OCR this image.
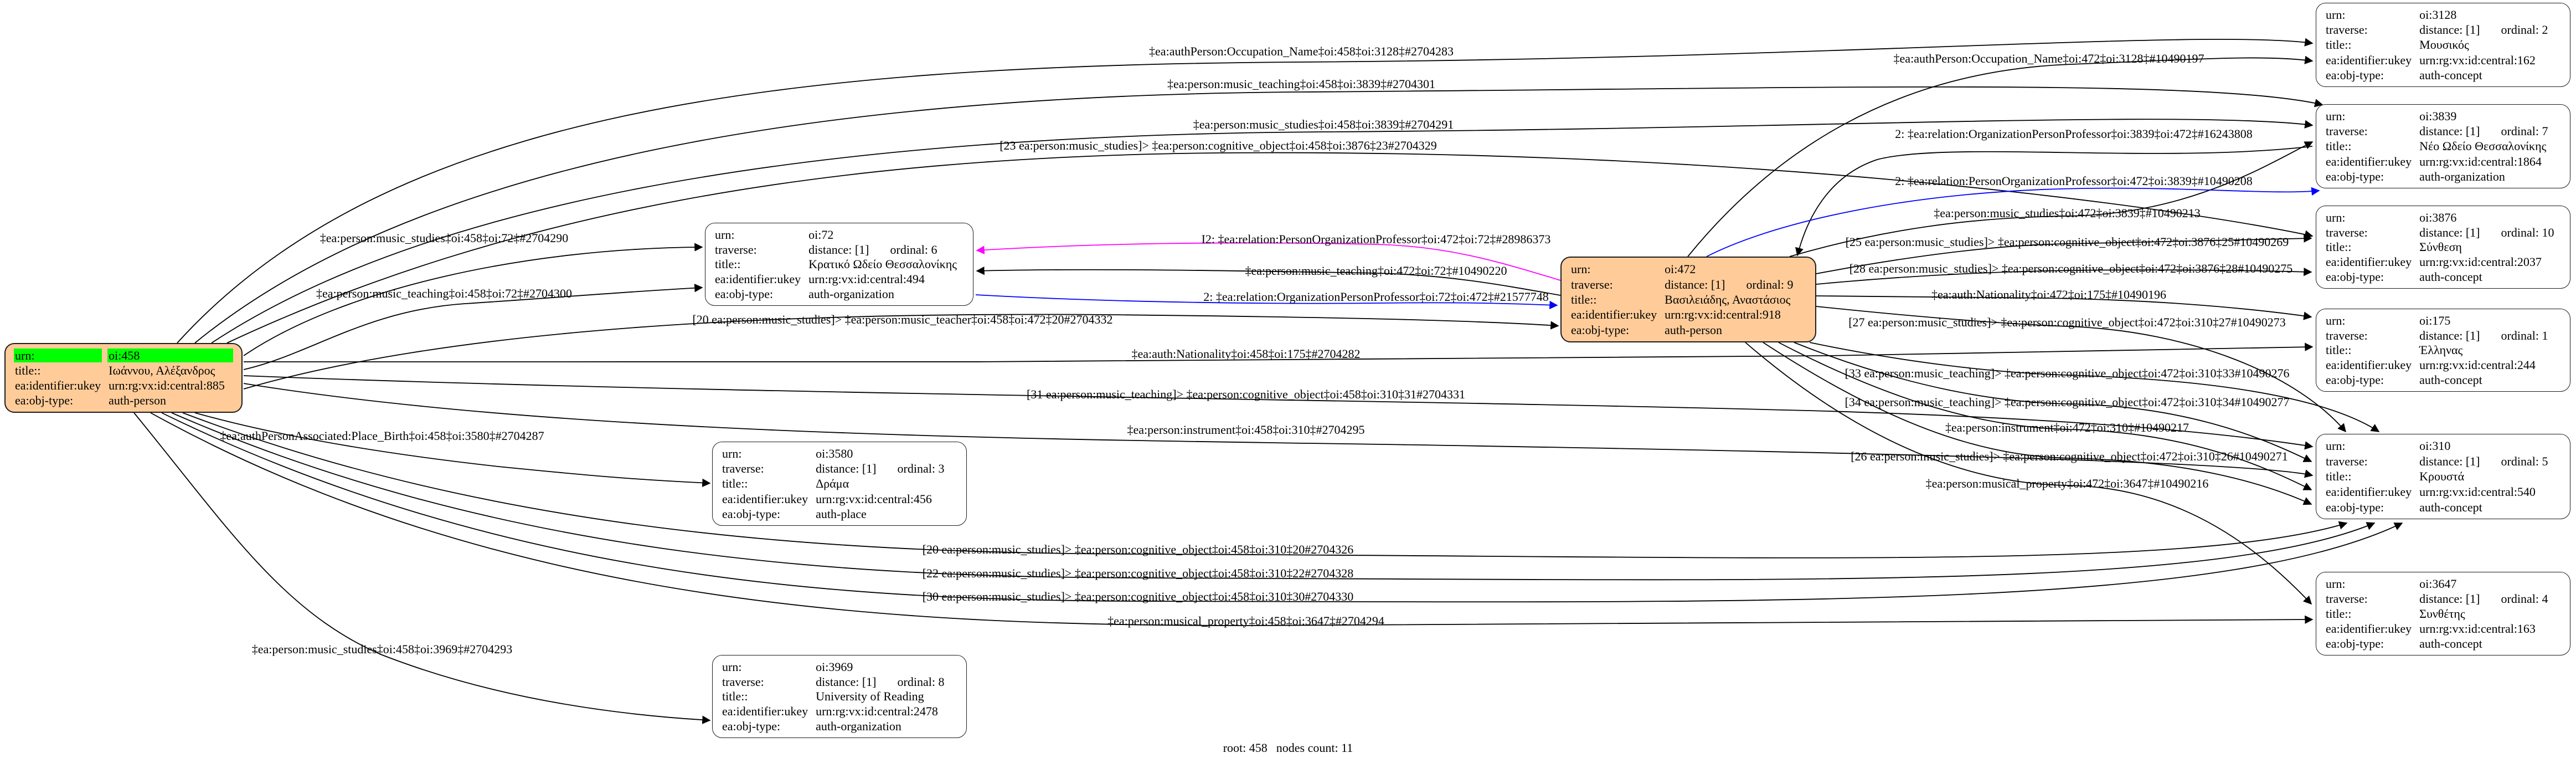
urn:	oi:458
title::	Ιωάννου, Αλέξανδρος
ea:identifier:ukey urn:rg:vx:id:central:885
ea:obj-type:	auth-person
urn:	oi:72
traverse:	distance: [1] ordinal: 6
title::	Κρατικό Ωδείο Θεσσαλονίκης
ea:identifier:ukey urn:rg:vx:id:central:494
ea:obj-type:	auth-organization
urn:	oi:3580
traverse:	distance: [1] ordinal: 3
title::	Δράμα
ea:identifier:ukey urn:rg:vx:id:central:456
ea:obj-type:	auth-place
urn:	oi:3969
traverse:	distance: [1] ordinal: 8
title::	University of Reading
ea:identifier:ukey urn:rg:vx:id:central:2478
ea:obj-type:	auth-organization
urn:	oi:472
traverse:	distance: [1] ordinal: 9
title::	Βασιλειάδης, Αναστάσιος
ea:identifier:ukey urn:rg:vx:id:central:918
ea:obj-type:	auth-person
urn:	oi:3128
traverse:	distance: [1] ordinal: 2
title::	Μουσικός
ea:identifier:ukey urn:rg:vx:id:central:162
ea:obj-type:	auth-concept
urn:	oi:3839
traverse:	distance: [1] ordinal: 7
title::	Νέο Ωδείο Θεσσαλονίκης
ea:identifier:ukey urn:rg:vx:id:central:1864
ea:obj-type:	auth-organization
urn:	oi:3876
traverse:	distance: [1] ordinal: 10
title::	Σύνθεση
ea:identifier:ukey urn:rg:vx:id:central:2037
ea:obj-type:	auth-concept
urn:	oi:175
traverse:	distance: [1] ordinal: 1
title::	Έλληνας
ea:identifier:ukey urn:rg:vx:id:central:244
ea:obj-type:	auth-concept
urn:	oi:310
traverse:	distance: [1] ordinal: 5
title::	Κρουστά
ea:identifier:ukey urn:rg:vx:id:central:540
ea:obj-type:	auth-concept
urn:	oi:3647
traverse:	distance: [1] ordinal: 4
title::	Συνθέτης
ea:identifier:ukey urn:rg:vx:id:central:163
ea:obj-type:	auth-concept
‡ea:authPerson:Occupation_Name‡oi:458‡oi:3128‡#2704283
‡ea:authPerson:Occupation_Name‡oi:472‡oi:3128‡#10490197
‡ea:person:music_teaching‡oi:458‡oi:3839‡#2704301
‡ea:person:music_studies‡oi:458‡oi:3839‡#2704291
[23 ea:person:music_studies]> ‡ea:person:cognitive_object‡oi:458‡oi:3876‡23#2704329
2: ‡ea:relation:OrganizationPersonProfessor‡oi:3839‡oi:472‡#16243808
2: ‡ea:relation:PersonOrganizationProfessor‡oi:472‡oi:3839‡#10490208
‡ea:person:music_studies‡oi:472‡oi:3839‡#10490213
I2: ‡ea:relation:PersonOrganizationProfessor‡oi:472‡oi:72‡#28986373
‡ea:person:music_studies‡oi:458‡oi:72‡#2704290	[25 ea:person:music_studies]> ‡ea:person:cognitive_object‡oi:472‡oi:3876‡25#10490269
‡ea:person:music_teaching‡oi:472‡oi:72‡#10490220	[28 ea:person:music_studies]> ‡ea:person:cognitive_object‡oi:472‡oi:3876‡28#10490275
2: ‡ea:relation:OrganizationPersonProfessor‡oi:72‡oi:472‡#21577748	‡ea:auth:Nationality‡oi:472‡oi:175‡#10490196
‡ea:person:music_teaching‡oi:458‡oi:72‡#2704300
[20 ea:person:music_studies]> ‡ea:person:music_teacher‡oi:458‡oi:472‡20#2704332	[27 ea:person:music_studies]> ‡ea:person:cognitive_object‡oi:472‡oi:310‡27#10490273
‡ea:auth:Nationality‡oi:458‡oi:175‡#2704282
[33 ea:person:music_teaching]> ‡ea:person:cognitive_object‡oi:472‡oi:310‡33#10490276
[31 ea:person:music_teaching]> ‡ea:person:cognitive_object‡oi:458‡oi:310‡31#2704331
[34 ea:person:music_teaching]> ‡ea:person:cognitive_object‡oi:472‡oi:310‡34#10490277
‡ea:person:instrument‡oi:458‡oi:310‡#2704295	‡ea:person:instrument‡oi:472‡oi:310‡#10490217
‡ea:authPersonAssociated:Place_Birth‡oi:458‡oi:3580‡#2704287
[26 ea:person:music_studies]> ‡ea:person:cognitive_object‡oi:472‡oi:310‡26#10490271
‡ea:person:musical_property‡oi:472‡oi:3647‡#10490216
[20 ea:person:music_studies]> ‡ea:person:cognitive_object‡oi:458‡oi:310‡20#2704326
[22 ea:person:music_studies]> ‡ea:person:cognitive_object‡oi:458‡oi:310‡22#2704328
[30 ea:person:music_studies]> ‡ea:person:cognitive_object‡oi:458‡oi:310‡30#2704330
‡ea:person:musical_property‡oi:458‡oi:3647‡#2704294
‡ea:person:music_studies‡oi:458‡oi:3969‡#2704293
root: 458 nodes count: 11
